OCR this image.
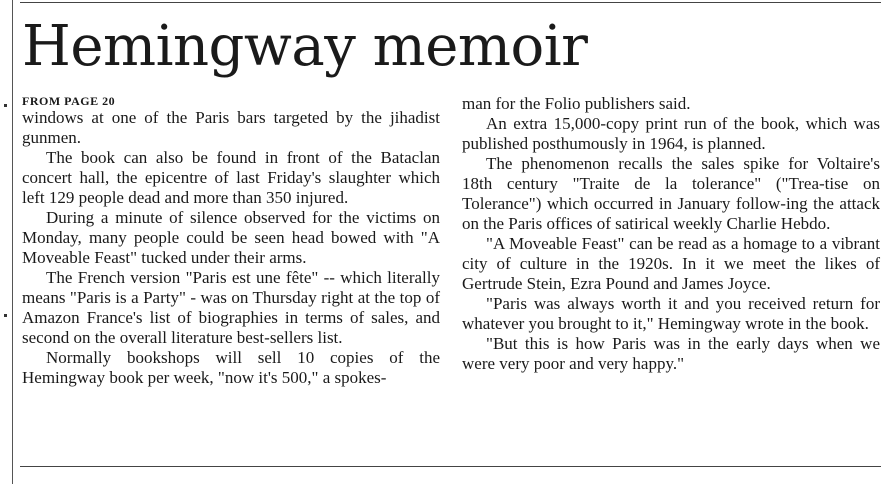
Hemingway memoir
FROM PAGE 20

windows at one of the Paris bars targeted by the jihadist gunmen.

The book can also be found in front of the Bataclan concert hall, the epicentre of last Friday's slaughter which left 129 people dead and more than 350 injured.

During a minute of silence observed for the victims on Monday, many people could be seen head bowed with "A Moveable Feast" tucked under their arms.

The French version "Paris est une fête" -- which literally means "Paris is a Party" - was on Thursday right at the top of Amazon France's list of biographies in terms of sales, and second on the overall literature best-sellers list.

Normally bookshops will sell 10 copies of the Hemingway book per week, "now it's 500," a spokes-

man for the Folio publishers said.

An extra 15,000-copy print run of the book, which was published posthumously in 1964, is planned.

The phenomenon recalls the sales spike for Voltaire's 18th century "Traite de la tolerance" ("Trea-tise on Tolerance") which occurred in January follow-ing the attack on the Paris offices of satirical weekly Charlie Hebdo.

"A Moveable Feast" can be read as a homage to a vibrant city of culture in the 1920s. In it we meet the likes of Gertrude Stein, Ezra Pound and James Joyce.

"Paris was always worth it and you received return for whatever you brought to it," Hemingway wrote in the book.

"But this is how Paris was in the early days when we were very poor and very happy."
